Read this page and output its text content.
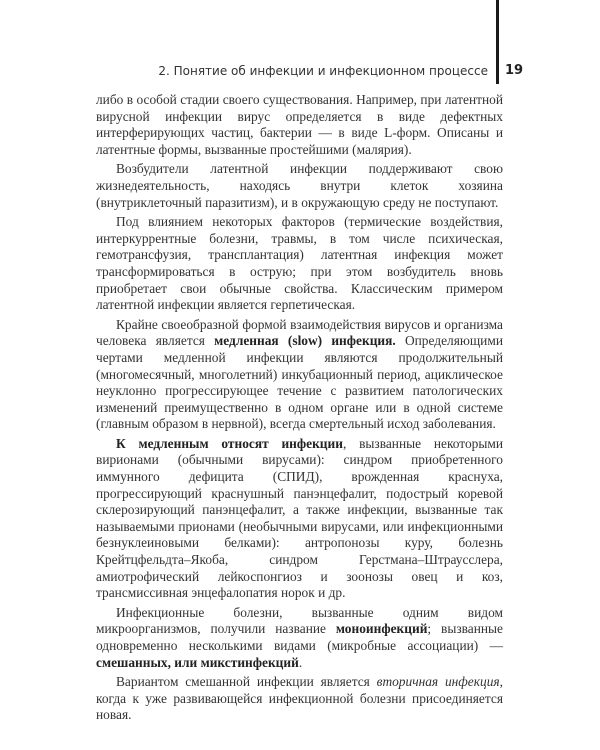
2. Понятие об инфекции и инфекционном процессе 19

либо в особой стадии своего существования. Например, при латентной вирусной инфекции вирус определяется в виде дефектных интерферирующих частиц, бактерии — в виде L-форм. Описаны и латентные формы, вызванные простейшими (малярия).

Возбудители латентной инфекции поддерживают свою жизнедеятельность, находясь внутри клеток хозяина (внутриклеточный паразитизм), и в окружающую среду не поступают.

Под влиянием некоторых факторов (термические воздействия, интеркуррентные болезни, травмы, в том числе психическая, гемотрансфузия, трансплантация) латентная инфекция может трансформироваться в острую; при этом возбудитель вновь приобретает свои обычные свойства. Классическим примером латентной инфекции является герпетическая.

Крайне своеобразной формой взаимодействия вирусов и организма человека является медленная (slow) инфекция. Определяющими чертами медленной инфекции являются продолжительный (многомесячный, многолетний) инкубационный период, ациклическое неуклонно прогрессирующее течение с развитием патологических изменений преимущественно в одном органе или в одной системе (главным образом в нервной), всегда смертельный исход заболевания.

К медленным относят инфекции, вызванные некоторыми вирионами (обычными вирусами): синдром приобретенного иммунного дефицита (СПИД), врожденная краснуха, прогрессирующий краснушный панэнцефалит, подострый коревой склерозирующий панэнцефалит, а также инфекции, вызванные так называемыми прионами (необычными вирусами, или инфекционными безнуклеиновыми белками): антропонозы куру, болезнь Крейтцфельдта–Якоба, синдром Герстмана–Штраусслера, амиотрофический лейкоспонгиоз и зоонозы овец и коз, трансмиссивная энцефалопатия норок и др.

Инфекционные болезни, вызванные одним видом микроорганизмов, получили название моноинфекций; вызванные одновременно несколькими видами (микробные ассоциации) — смешанных, или микстинфекций.

Вариантом смешанной инфекции является вторичная инфекция, когда к уже развивающейся инфекционной болезни присоединяется новая.
